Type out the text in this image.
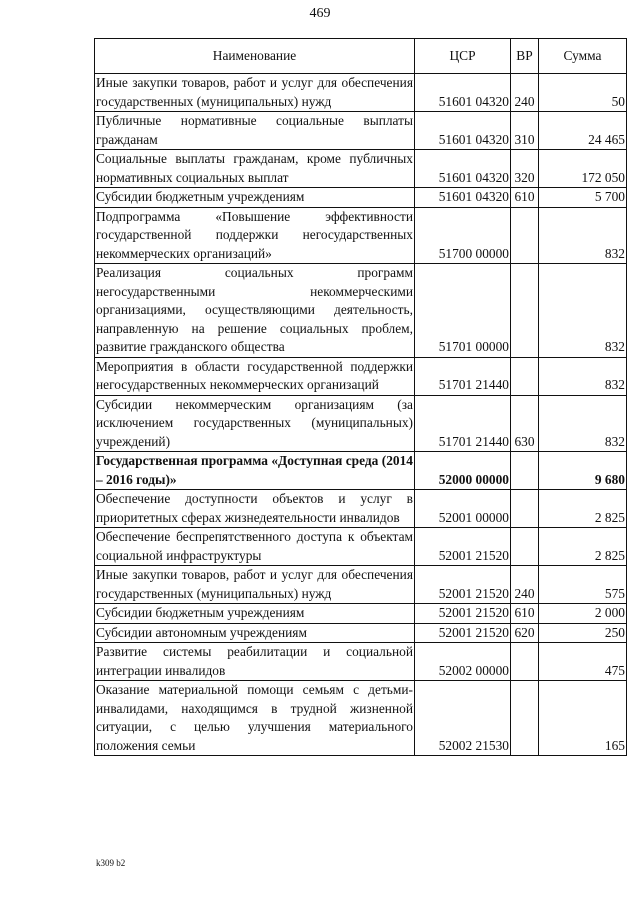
469
Наименование	ЦСР	ВР	Сумма
Иные закупки товаров, работ и услуг для обеспечения государственных (муниципальных) нужд	51601 04320	240	50
Публичные нормативные социальные выплаты гражданам	51601 04320	310	24 465
Социальные выплаты гражданам, кроме публичных нормативных социальных выплат	51601 04320	320	172 050
Субсидии бюджетным учреждениям	51601 04320	610	5 700
Подпрограмма «Повышение эффективности государственной поддержки негосударственных некоммерческих организаций»	51700 00000		832
Реализация социальных программ негосударственными некоммерческими организациями, осуществляющими деятельность, направленную на решение социальных проблем, развитие гражданского общества	51701 00000		832
Мероприятия в области государственной поддержки негосударственных некоммерческих организаций	51701 21440		832
Субсидии некоммерческим организациям (за исключением государственных (муниципальных) учреждений)	51701 21440	630	832
Государственная программа «Доступная среда (2014 – 2016 годы)»	52000 00000		9 680
Обеспечение доступности объектов и услуг в приоритетных сферах жизнедеятельности инвалидов	52001 00000		2 825
Обеспечение беспрепятственного доступа к объектам социальной инфраструктуры	52001 21520		2 825
Иные закупки товаров, работ и услуг для обеспечения государственных (муниципальных) нужд	52001 21520	240	575
Субсидии бюджетным учреждениям	52001 21520	610	2 000
Субсидии автономным учреждениям	52001 21520	620	250
Развитие системы реабилитации и социальной интеграции инвалидов	52002 00000		475
Оказание материальной помощи семьям с детьми-инвалидами, находящимся в трудной жизненной ситуации, с целью улучшения материального положения семьи	52002 21530		165
k309 b2
